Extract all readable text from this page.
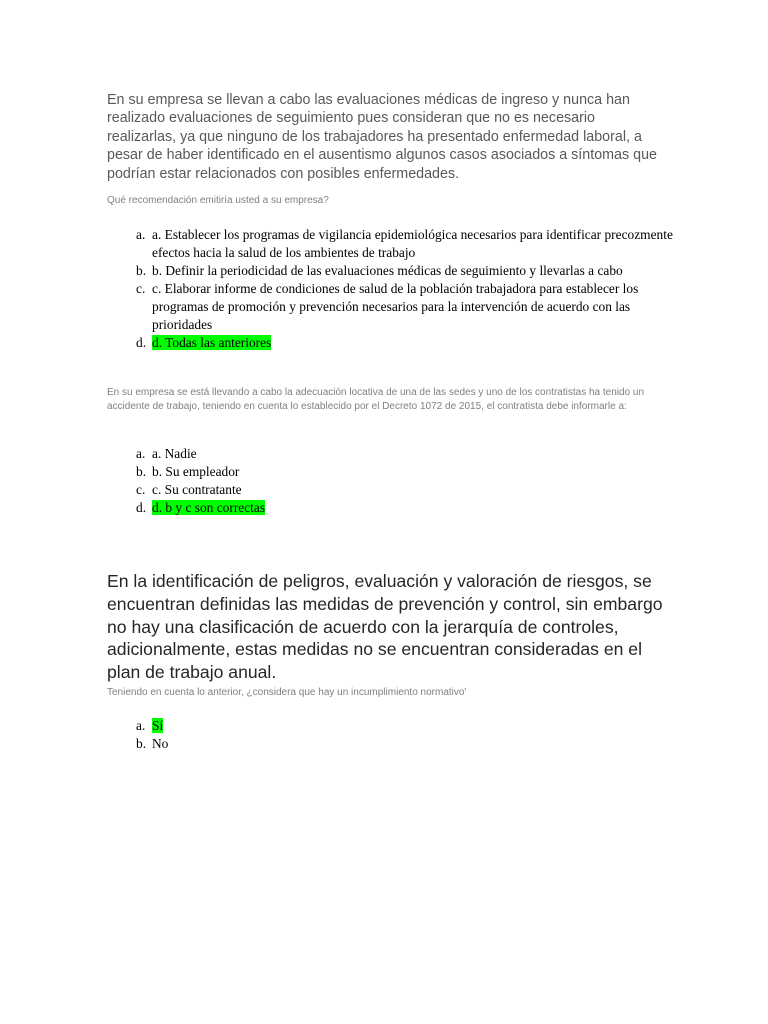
En su empresa se llevan a cabo las evaluaciones médicas de ingreso y nunca han realizado evaluaciones de seguimiento pues consideran que no es necesario realizarlas, ya que ninguno de los trabajadores ha presentado enfermedad laboral, a pesar de haber identificado en el ausentismo algunos casos asociados a síntomas que podrían estar relacionados con posibles enfermedades.

Qué recomendación emitiría usted a su empresa?

a. a. Establecer los programas de vigilancia epidemiológica necesarios para identificar precozmente efectos hacia la salud de los ambientes de trabajo
b. b. Definir la periodicidad de las evaluaciones médicas de seguimiento y llevarlas a cabo
c. c. Elaborar informe de condiciones de salud de la población trabajadora para establecer los programas de promoción y prevención necesarios para la intervención de acuerdo con las prioridades
d. d. Todas las anteriores

En su empresa se está llevando a cabo la adecuación locativa de una de las sedes y uno de los contratistas ha tenido un accidente de trabajo, teniendo en cuenta lo establecido por el Decreto 1072 de 2015, el contratista debe informarle a:

a. a. Nadie
b. b. Su empleador
c. c. Su contratante
d. d. b y c son correctas

En la identificación de peligros, evaluación y valoración de riesgos, se encuentran definidas las medidas de prevención y control, sin embargo no hay una clasificación de acuerdo con la jerarquía de controles, adicionalmente, estas medidas no se encuentran consideradas en el plan de trabajo anual.

Teniendo en cuenta lo anterior, ¿considera que hay un incumplimiento normativo'

a. Sí
b. No
